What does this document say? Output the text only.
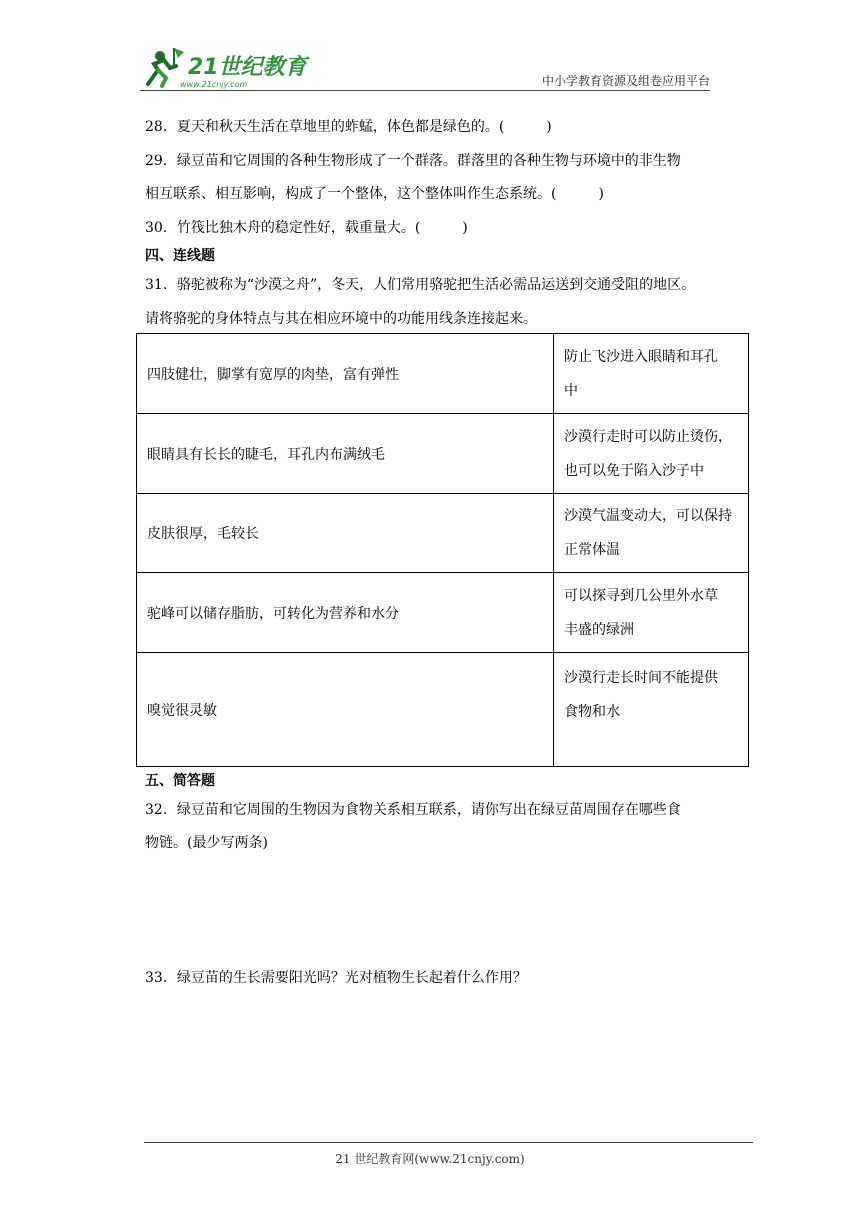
21世纪教育
www.21cnjy.com	中小学教育资源及组卷应用平台
28．夏天和秋天生活在草地里的蚱蜢，体色都是绿色的。(	)
29．绿豆苗和它周围的各种生物形成了一个群落。群落里的各种生物与环境中的非生物
相互联系、相互影响，构成了一个整体，这个整体叫作生态系统。(	)
30．竹筏比独木舟的稳定性好，载重量大。(	)
四、连线题
31．骆驼被称为“沙漠之舟”，冬天，人们常用骆驼把生活必需品运送到交通受阻的地区。
请将骆驼的身体特点与其在相应环境中的功能用线条连接起来。
四肢健壮，脚掌有宽厚的肉垫，富有弹性	防止飞沙进入眼睛和耳孔
中

眼睛具有长长的睫毛，耳孔内布满绒毛	沙漠行走时可以防止烫伤，
也可以免于陷入沙子中

皮肤很厚，毛较长	沙漠气温变动大，可以保持
正常体温

驼峰可以储存脂肪，可转化为营养和水分	可以探寻到几公里外水草
丰盛的绿洲

嗅觉很灵敏	沙漠行走长时间不能提供
食物和水
五、简答题
32．绿豆苗和它周围的生物因为食物关系相互联系，请你写出在绿豆苗周围存在哪些食
物链。(最少写两条)
33．绿豆苗的生长需要阳光吗？光对植物生长起着什么作用？
21 世纪教育网(www.21cnjy.com)
